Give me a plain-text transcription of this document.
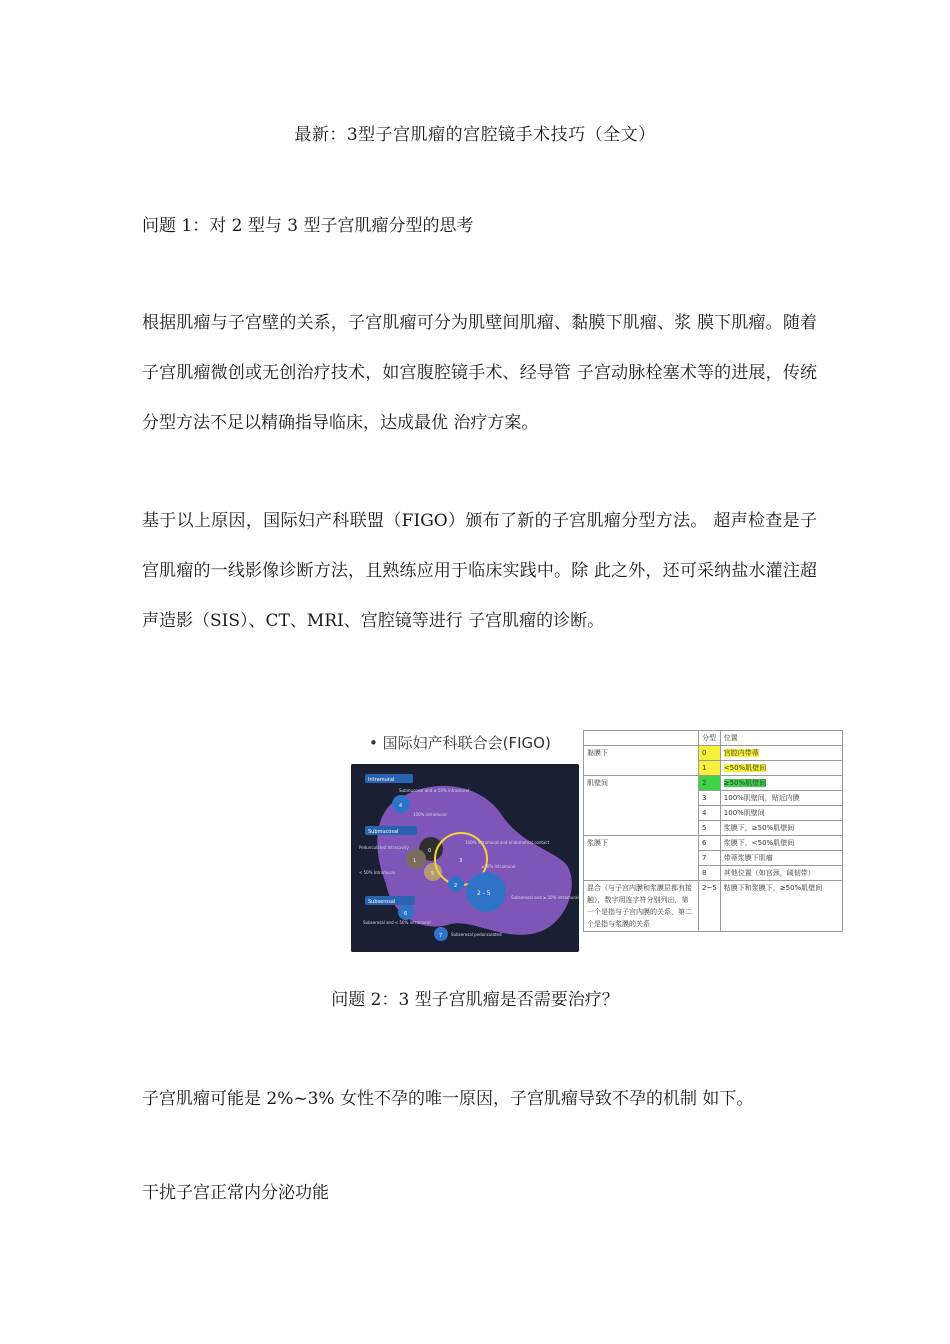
最新：3型子宫肌瘤的宫腔镜手术技巧（全文）
问题 1：对 2 型与 3 型子宫肌瘤分型的思考
根据肌瘤与子宫壁的关系，子宫肌瘤可分为肌壁间肌瘤、黏膜下肌瘤、浆 膜下肌瘤。随着子宫肌瘤微创或无创治疗技术，如宫腹腔镜手术、经导管 子宫动脉栓塞术等的进展，传统分型方法不足以精确指导临床，达成最优 治疗方案。
基于以上原因，国际妇产科联盟（FIGO）颁布了新的子宫肌瘤分型方法。 超声检查是子宫肌瘤的一线影像诊断方法，且熟练应用于临床实践中。除 此之外，还可采纳盐水灌注超声造影（SIS）、CT、MRI、宫腔镜等进行 子宫肌瘤的诊断。
• 国际妇产科联合会(FIGO)
Intramural
Submucosal
Subserosal
Pedunculated Intracavity
< 50% Intramural
Submucosal and ≥ 50% intramural
100% intramural
100% intramural and endometrial contact
≥50% Intramural
Subserosal and ≥ 50% intramural
Subserosal and < 50% intramural
Subserosal pedunculated
0
1
2
3
4
5
6
7
2 - 5
	分型	位置
黏膜下	0	宫腔内带蒂
	1	<50%肌壁间
肌壁间	2	≥50%肌壁间
	3	100%肌壁间，贴近内膜
	4	100%肌壁间
	5	浆膜下，≥50%肌壁间
浆膜下	6	浆膜下，<50%肌壁间
	7	带蒂浆膜下肌瘤
	8	其他位置（如宫颈，阔韧带）
混合（与子宫内膜和浆膜层都有接触），数字用连字符分别列出，第一个是指与子宫内膜的关系，第二个是指与浆膜的关系	2~5	粘膜下和浆膜下，≥50%肌壁间
问题 2：3 型子宫肌瘤是否需要治疗？
子宫肌瘤可能是 2%~3% 女性不孕的唯一原因，子宫肌瘤导致不孕的机制 如下。
干扰子宫正常内分泌功能
